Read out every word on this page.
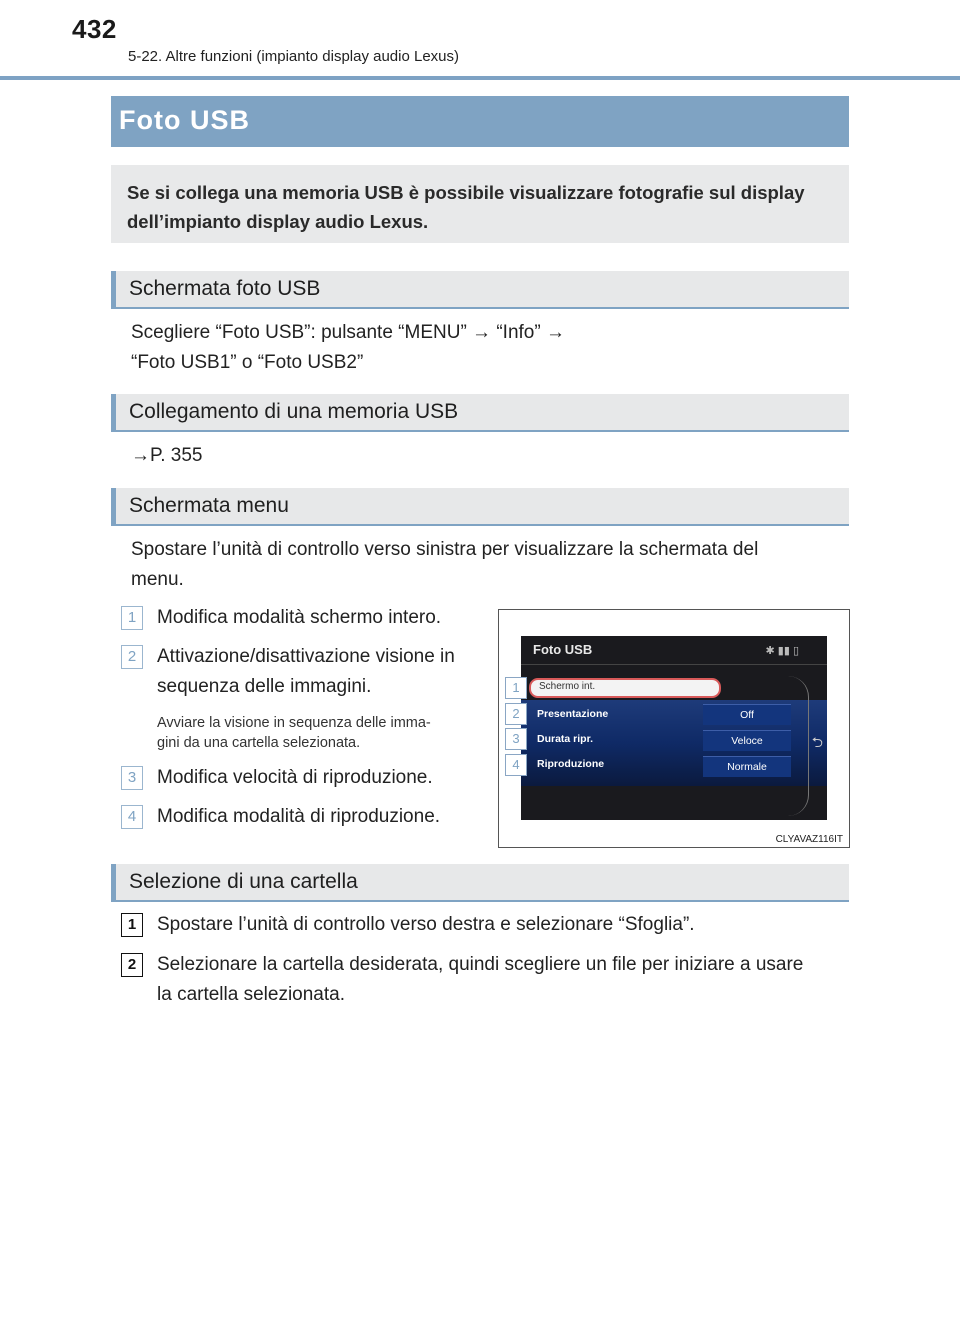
432
5-22. Altre funzioni (impianto display audio Lexus)
Foto USB

Se si collega una memoria USB è possibile visualizzare fotografie sul display dell’impianto display audio Lexus.

Schermata foto USB
Scegliere “Foto USB”: pulsante “MENU” → “Info” →
“Foto USB1” o “Foto USB2”
Collegamento di una memoria USB
→P. 355
Schermata menu
Spostare l’unità di controllo verso sinistra per visualizzare la schermata del
menu.
1	Modifica modalità schermo intero.
2	Attivazione/disattivazione visione in
sequenza delle immagini.
Avviare la visione in sequenza delle imma-
gini da una cartella selezionata.
3	Modifica velocità di riproduzione.
4	Modifica modalità di riproduzione.
Foto USB	✱ ▮▮ ▯
Schermo int.
Presentazione
Durata ripr.
Riproduzione
Off
Veloce
Normale
⮌
1
2
3
4
CLYAVAZ116IT
Selezione di una cartella
1	Spostare l’unità di controllo verso destra e selezionare “Sfoglia”.
2	Selezionare la cartella desiderata, quindi scegliere un file per iniziare a usare
la cartella selezionata.
